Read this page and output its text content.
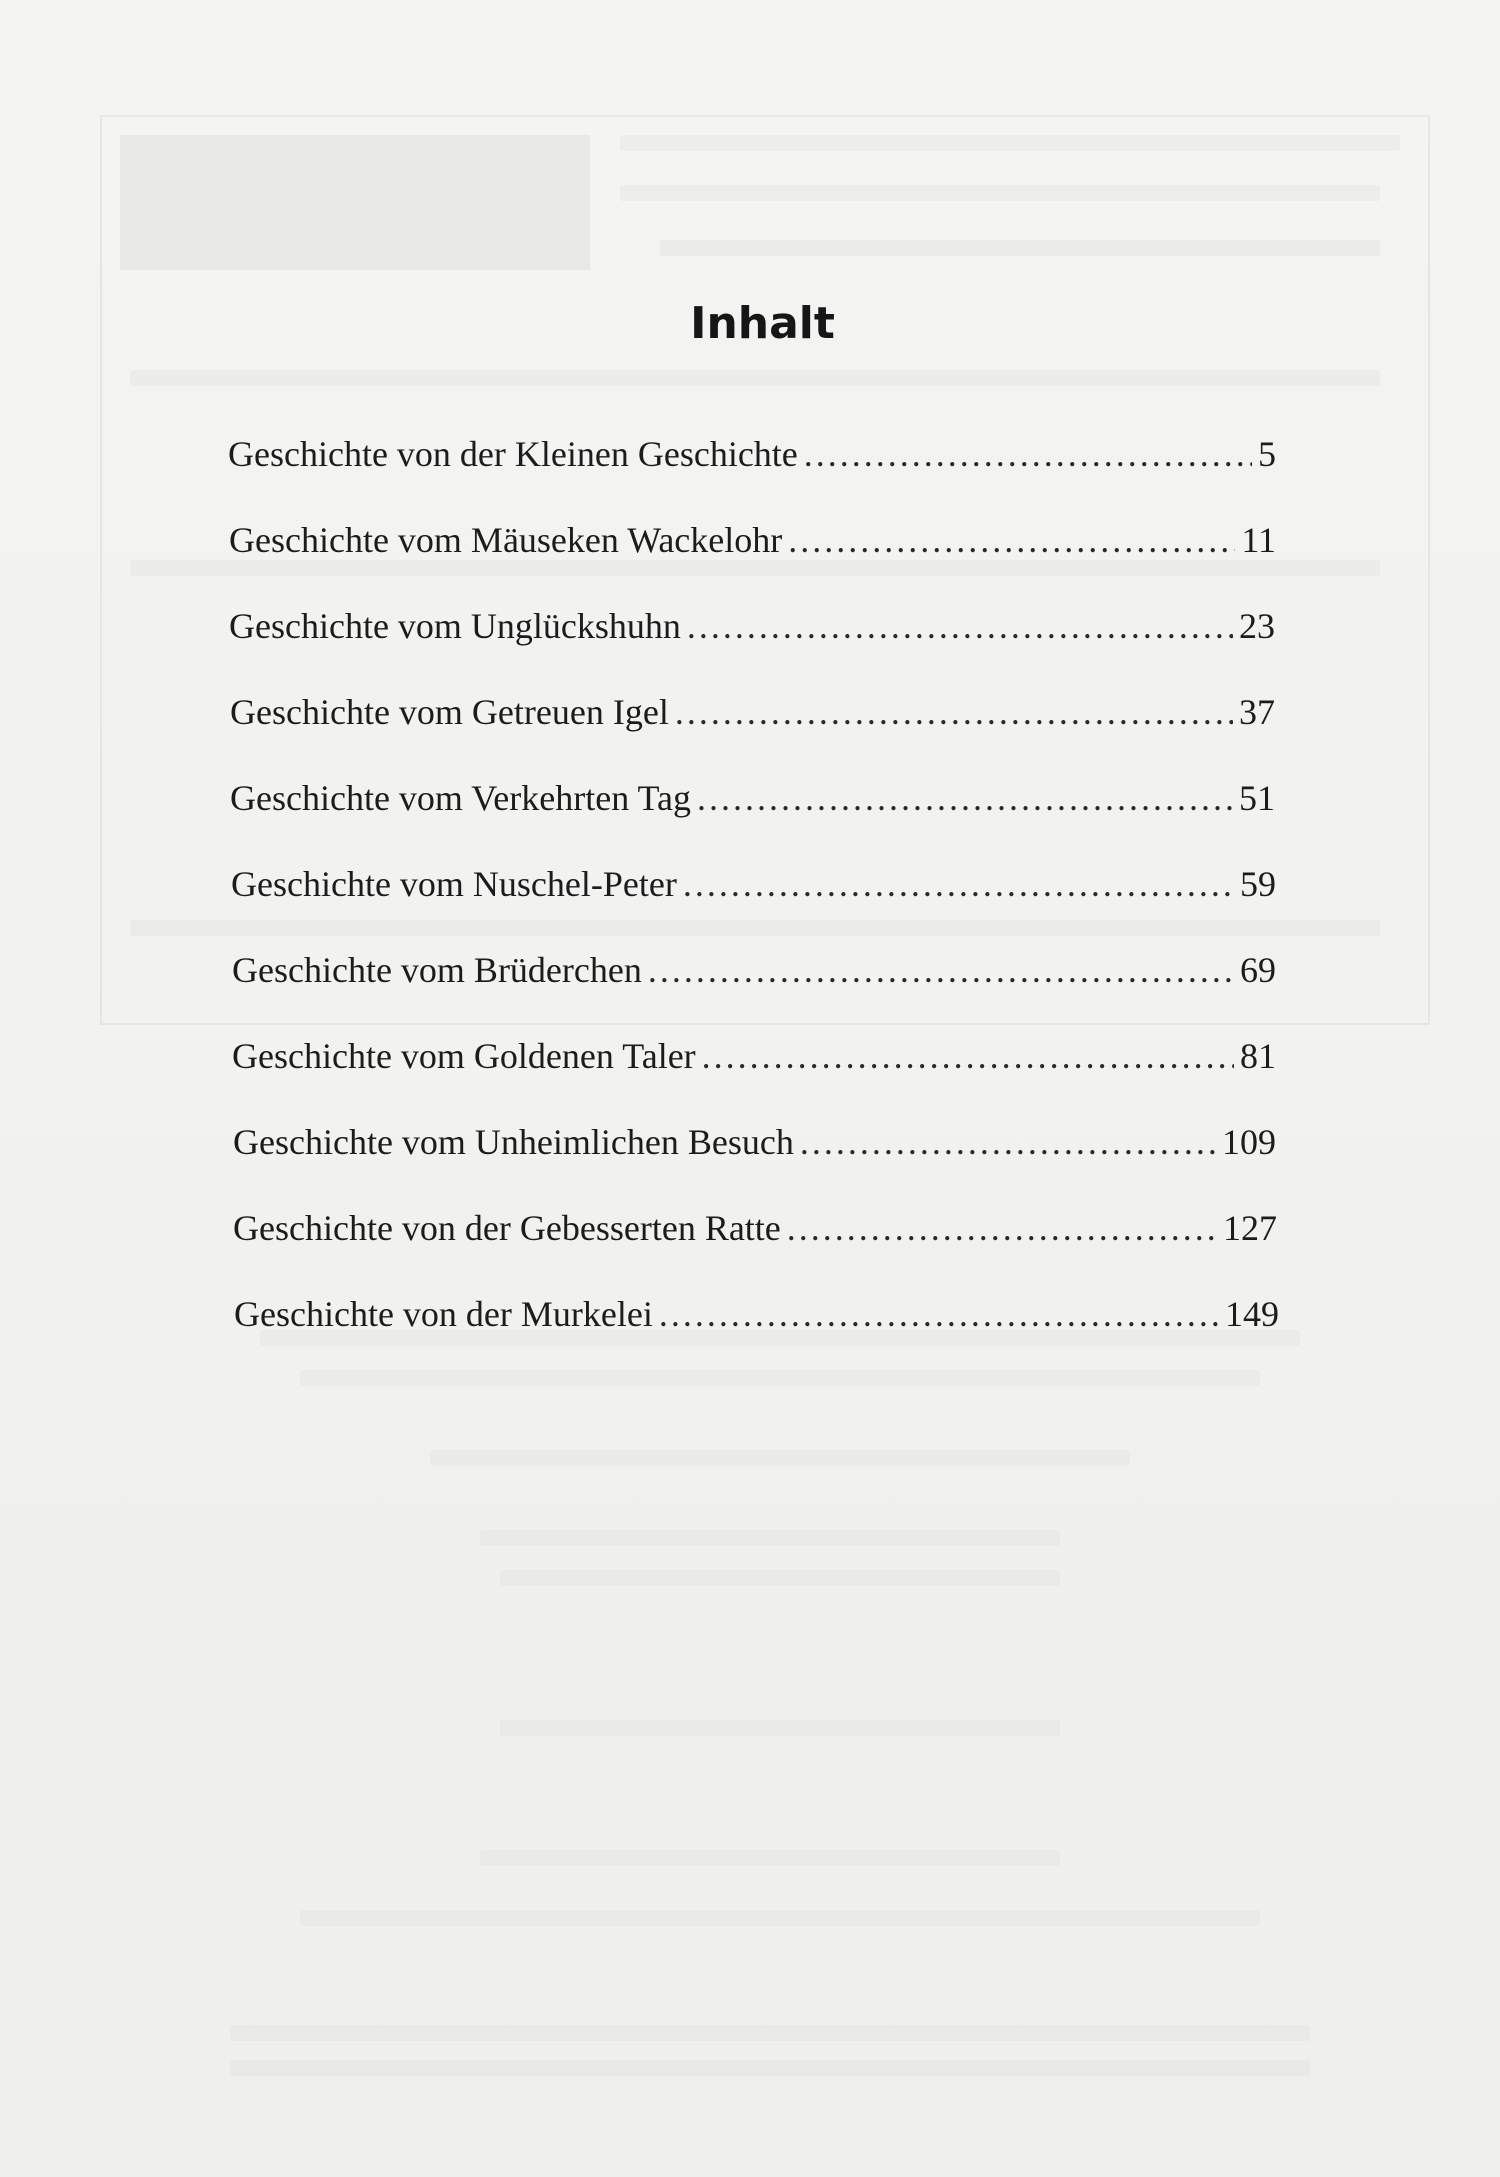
Inhalt
Geschichte von der Kleinen Geschichte .....	5
Geschichte vom Mäuseken Wackelohr .....	11
Geschichte vom Unglückshuhn .....	23
Geschichte vom Getreuen Igel .....	37
Geschichte vom Verkehrten Tag .....	51
Geschichte vom Nuschel-Peter .....	59
Geschichte vom Brüderchen .....	69
Geschichte vom Goldenen Taler .....	81
Geschichte vom Unheimlichen Besuch .....	109
Geschichte von der Gebesserten Ratte .....	127
Geschichte von der Murkelei .....	149
